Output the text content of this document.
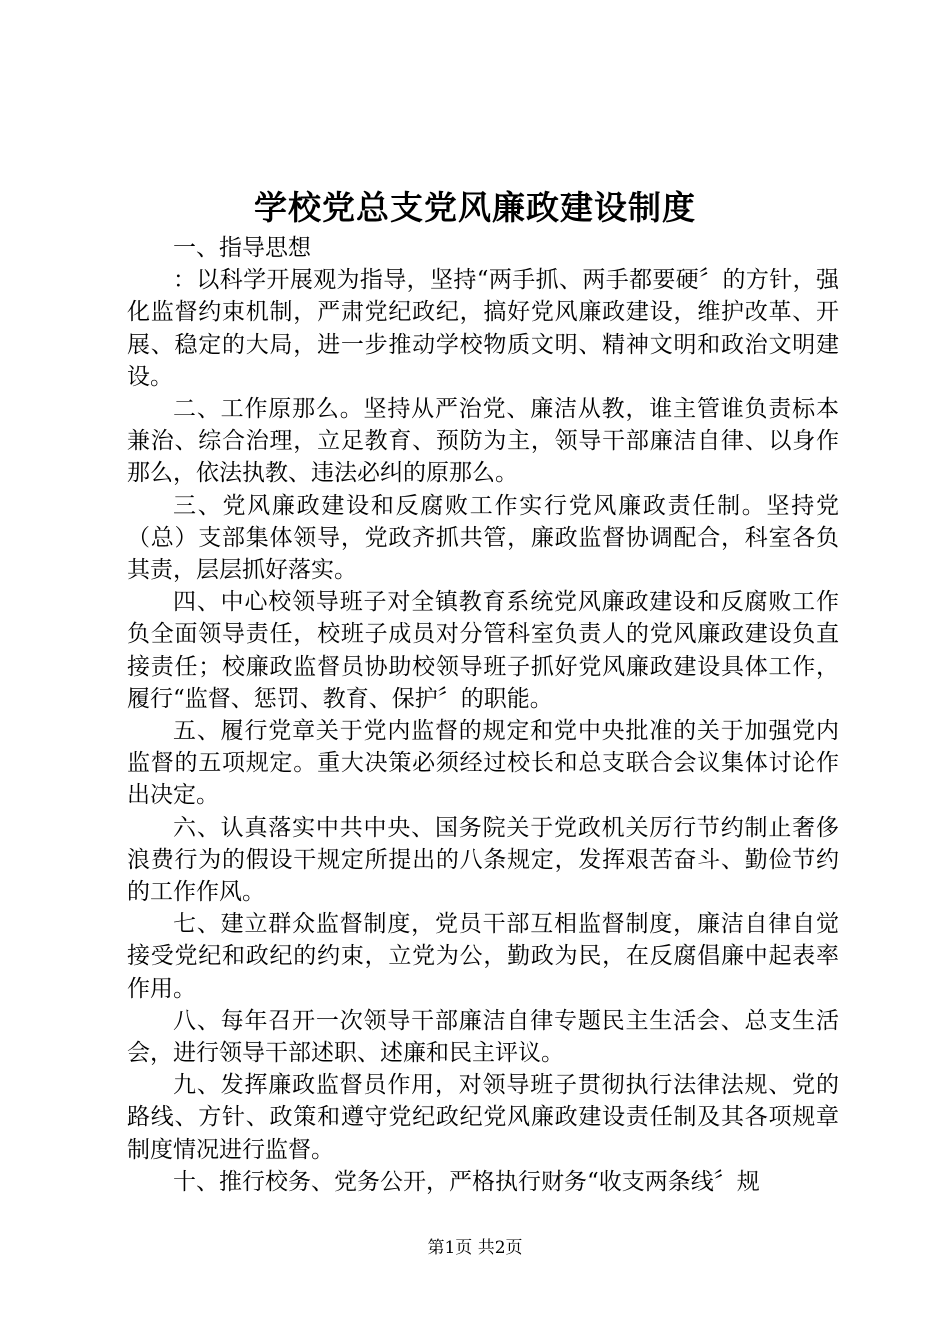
学校党总支党风廉政建设制度

一、指导思想

：以科学开展观为指导，坚持“两手抓、两手都要硬〞的方针，强化监督约束机制，严肃党纪政纪，搞好党风廉政建设，维护改革、开展、稳定的大局，进一步推动学校物质文明、精神文明和政治文明建设。

二、工作原那么。坚持从严治党、廉洁从教，谁主管谁负责标本兼治、综合治理，立足教育、预防为主，领导干部廉洁自律、以身作那么，依法执教、违法必纠的原那么。

三、党风廉政建设和反腐败工作实行党风廉政责任制。坚持党（总）支部集体领导，党政齐抓共管，廉政监督协调配合，科室各负其责，层层抓好落实。

四、中心校领导班子对全镇教育系统党风廉政建设和反腐败工作负全面领导责任，校班子成员对分管科室负责人的党风廉政建设负直接责任；校廉政监督员协助校领导班子抓好党风廉政建设具体工作，履行“监督、惩罚、教育、保护〞的职能。

五、履行党章关于党内监督的规定和党中央批准的关于加强党内监督的五项规定。重大决策必须经过校长和总支联合会议集体讨论作出决定。

六、认真落实中共中央、国务院关于党政机关厉行节约制止奢侈浪费行为的假设干规定所提出的八条规定，发挥艰苦奋斗、勤俭节约的工作作风。

七、建立群众监督制度，党员干部互相监督制度，廉洁自律自觉接受党纪和政纪的约束，立党为公，勤政为民，在反腐倡廉中起表率作用。

八、每年召开一次领导干部廉洁自律专题民主生活会、总支生活会，进行领导干部述职、述廉和民主评议。

九、发挥廉政监督员作用，对领导班子贯彻执行法律法规、党的路线、方针、政策和遵守党纪政纪党风廉政建设责任制及其各项规章制度情况进行监督。

十、推行校务、党务公开，严格执行财务“收支两条线〞规

第1页 共2页
